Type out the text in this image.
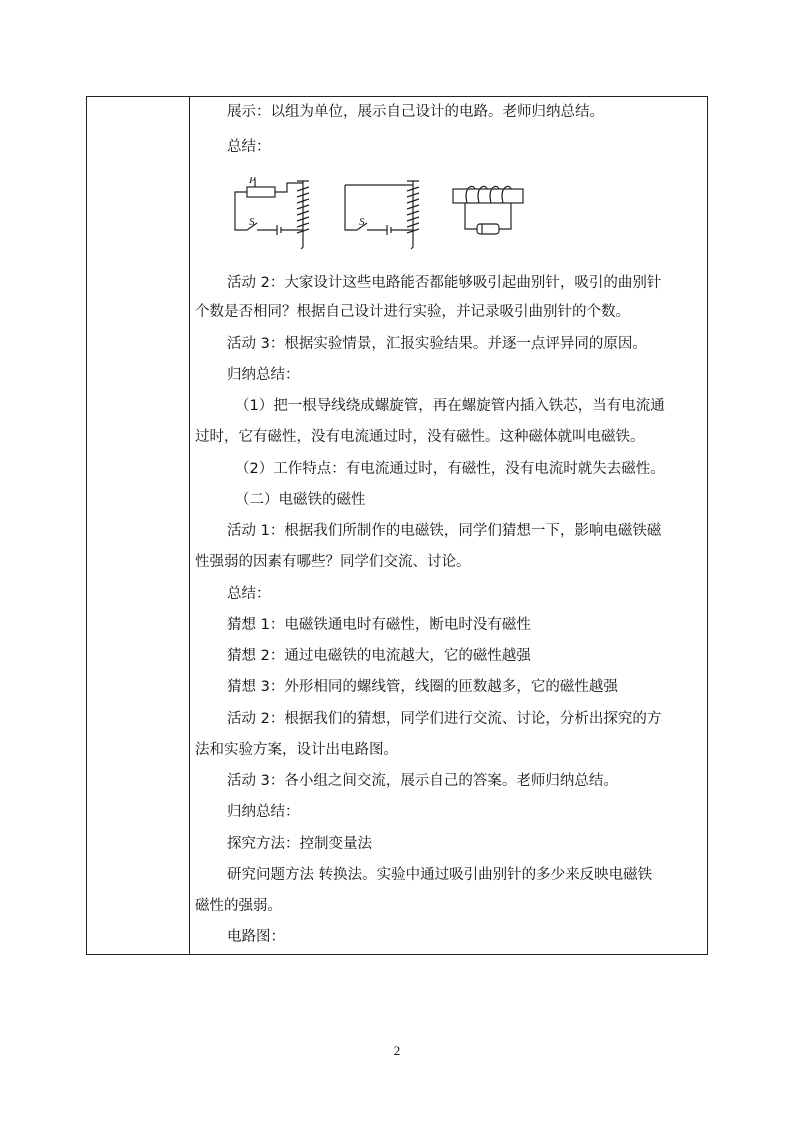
展示：以组为单位，展示自己设计的电路。老师归纳总结。
总结：
P
S	S
活动 2：大家设计这些电路能否都能够吸引起曲别针，吸引的曲别针
个数是否相同？根据自己设计进行实验，并记录吸引曲别针的个数。
活动 3：根据实验情景，汇报实验结果。并逐一点评异同的原因。
归纳总结：
（1）把一根导线绕成螺旋管，再在螺旋管内插入铁芯，当有电流通
过时，它有磁性，没有电流通过时，没有磁性。这种磁体就叫电磁铁。
（2）工作特点：有电流通过时，有磁性，没有电流时就失去磁性。
（二）电磁铁的磁性
活动 1：根据我们所制作的电磁铁，同学们猜想一下，影响电磁铁磁
性强弱的因素有哪些？同学们交流、讨论。
总结：
猜想 1：电磁铁通电时有磁性，断电时没有磁性
猜想 2：通过电磁铁的电流越大，它的磁性越强
猜想 3：外形相同的螺线管，线圈的匝数越多，它的磁性越强
活动 2：根据我们的猜想，同学们进行交流、讨论，分析出探究的方
法和实验方案，设计出电路图。
活动 3：各小组之间交流，展示自己的答案。老师归纳总结。
归纳总结：
探究方法：控制变量法
研究问题方法 转换法。实验中通过吸引曲别针的多少来反映电磁铁
磁性的强弱。
电路图：
2
